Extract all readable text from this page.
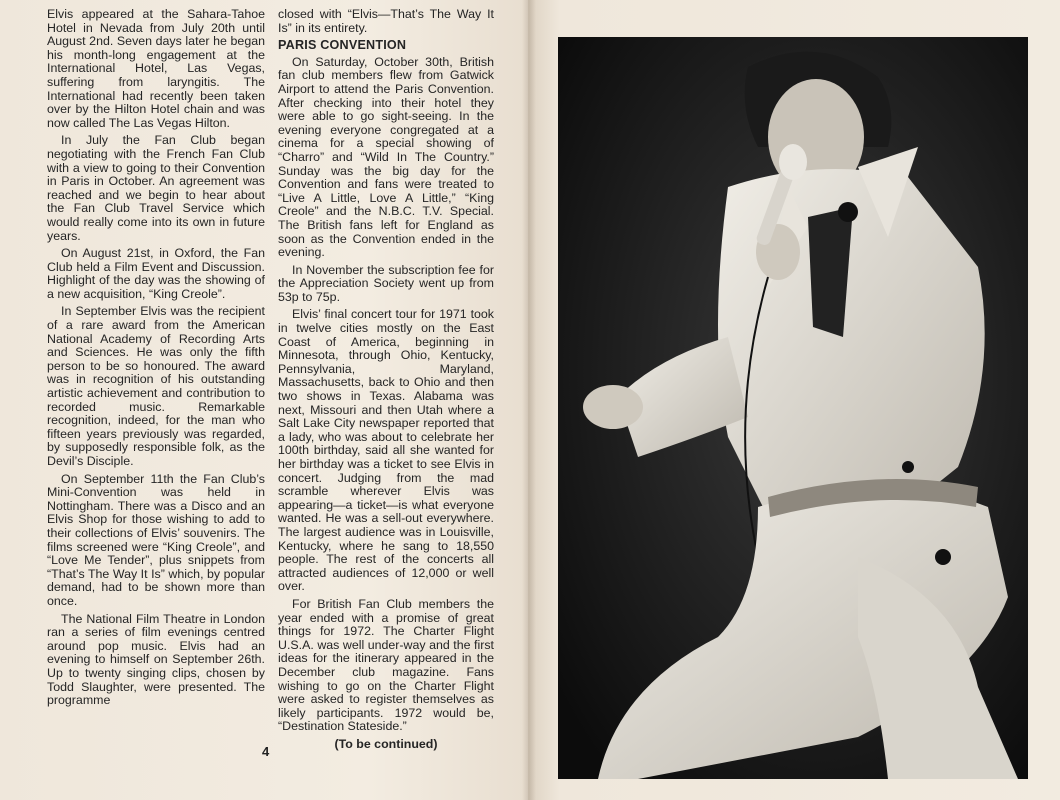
Elvis appeared at the Sahara-Tahoe Hotel in Nevada from July 20th until August 2nd. Seven days later he began his month-long engagement at the International Hotel, Las Vegas, suffering from laryngitis. The International had recently been taken over by the Hilton Hotel chain and was now called The Las Vegas Hilton.

In July the Fan Club began negotiating with the French Fan Club with a view to going to their Convention in Paris in October. An agreement was reached and we begin to hear about the Fan Club Travel Service which would really come into its own in future years.

On August 21st, in Oxford, the Fan Club held a Film Event and Discussion. Highlight of the day was the showing of a new acquisition, “King Creole”.

In September Elvis was the recipient of a rare award from the American National Academy of Recording Arts and Sciences. He was only the fifth person to be so honoured. The award was in recognition of his outstanding artistic achievement and contribution to recorded music. Remarkable recognition, indeed, for the man who fifteen years previously was regarded, by supposedly responsible folk, as the Devil’s Disciple.

On September 11th the Fan Club’s Mini-Convention was held in Nottingham. There was a Disco and an Elvis Shop for those wishing to add to their collections of Elvis’ souvenirs. The films screened were “King Creole”, and “Love Me Tender”, plus snippets from “That’s The Way It Is” which, by popular demand, had to be shown more than once.

The National Film Theatre in London ran a series of film evenings centred around pop music. Elvis had an evening to himself on September 26th. Up to twenty singing clips, chosen by Todd Slaughter, were presented. The programme

closed with “Elvis—That’s The Way It Is” in its entirety.

PARIS CONVENTION

On Saturday, October 30th, British fan club members flew from Gatwick Airport to attend the Paris Convention. After checking into their hotel they were able to go sight-seeing. In the evening everyone congregated at a cinema for a special showing of “Charro” and “Wild In The Country.” Sunday was the big day for the Convention and fans were treated to “Live A Little, Love A Little,” “King Creole” and the N.B.C. T.V. Special. The British fans left for England as soon as the Convention ended in the evening.

In November the subscription fee for the Appreciation Society went up from 53p to 75p.

Elvis’ final concert tour for 1971 took in twelve cities mostly on the East Coast of America, beginning in Minnesota, through Ohio, Kentucky, Pennsylvania, Maryland, Massachusetts, back to Ohio and then two shows in Texas. Alabama was next, Missouri and then Utah where a Salt Lake City newspaper reported that a lady, who was about to celebrate her 100th birthday, said all she wanted for her birthday was a ticket to see Elvis in concert. Judging from the mad scramble wherever Elvis was appearing—a ticket—is what everyone wanted. He was a sell-out everywhere. The largest audience was in Louisville, Kentucky, where he sang to 18,550 people. The rest of the concerts all attracted audiences of 12,000 or well over.

For British Fan Club members the year ended with a promise of great things for 1972. The Charter Flight U.S.A. was well under-way and the first ideas for the itinerary appeared in the December club magazine. Fans wishing to go on the Charter Flight were asked to register themselves as likely participants. 1972 would be, “Destination Stateside.”

(To be continued)
4
